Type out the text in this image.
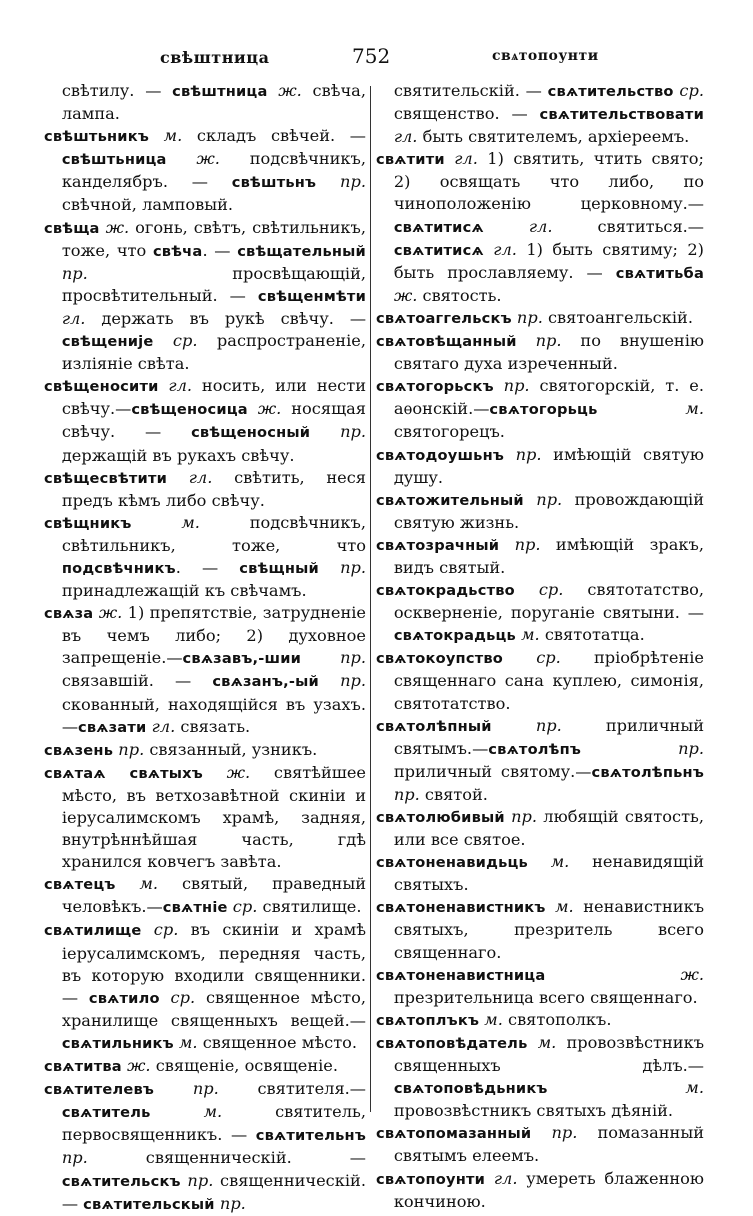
свѣштница	752	свѧтопоунти

свѣтилу. — свѣштница ж. свѣча, лампа.

свѣштьникъ м. складъ свѣчей. — свѣштьница ж. подсвѣчникъ, канделябръ. — свѣштьнъ пр. свѣчной, ламповый.

свѣща ж. огонь, свѣтъ, свѣтильникъ, тоже, что свѣча. — свѣщательный пр. просвѣщающій, просвѣтительный. — свѣщенмѣти гл. держать въ рукѣ свѣчу. — свѣщеније ср. распространеніе, изліяніе свѣта.

свѣщеносити гл. носить, или нести свѣчу.—свѣщеносица ж. носящая свѣчу. — свѣщеносный пр. держащій въ рукахъ свѣчу.

свѣщесвѣтити гл. свѣтить, неся предъ кѣмъ либо свѣчу.

свѣщникъ	м. подсвѣчникъ, свѣтильникъ, тоже, что подсвѣчникъ. — свѣщный пр. принадлежащій къ свѣчамъ.

свѧза ж. 1) препятствіе, затрудненіе въ чемъ либо; 2) духовное запрещеніе.—свѧзавъ,-шии пр. связавшій. — свѧзанъ,-ый пр. скованный, находящійся въ узахъ.—свѧзати гл. связать.

свѧзень пр. связанный, узникъ.

свѧтаѧ свѧтыхъ ж. святѣйшее мѣсто, въ ветхозавѣтной скиніи и іерусалимскомъ храмѣ, задняя, внутрѣннѣйшая часть, гдѣ хранился ковчегъ завѣта.

свѧтецъ м. святый, праведный человѣкъ.—свѧтніе ср. святилище.

свѧтилище ср. въ скиніи и храмѣ іерусалимскомъ, передняя часть, въ которую входили священники. — свѧтило ср. священное мѣсто, хранилище священныхъ вещей.—свѧтильникъ м. священное мѣсто.

свѧтитва ж. священіе, освященіе.

свѧтителевъ пр. святителя.—свѧтитель	м. святитель, первосвященникъ. — свѧтительнъ пр. священническій. — свѧтительскъ пр. священническій. — свѧтительскый пр.

святительскій. — свѧтительство ср. священство. — свѧтительствовати гл. быть святителемъ, архіереемъ.

свѧтити гл. 1) святить, чтить свято; 2) освящать что либо, по чиноположенію церковному.—свѧтитисѧ	гл. святиться.—свѧтитисѧ гл. 1) быть святиму; 2) быть прославляему. — свѧтитьба ж. святость.

свѧтоаггельскъ пр. святоангельскій.

свѧтовѣщанный пр. по внушенію святаго духа изреченный.

свѧтогорьскъ пр. святогорскій, т. е. аѳонскій.—свѧтогорьць	м. святогорецъ.

свѧтодоушьнъ пр. имѣющій святую душу.

свѧтожительный пр. провождающій святую жизнь.

свѧтозрачный пр. имѣющій зракъ, видъ святый.

свѧтокрадьство ср. святотатство, оскверненіе, поруганіе святыни. — свѧтокрадьць м. святотатца.

свѧтокоупство ср. пріобрѣтеніе священнаго сана куплею, симонія, святотатство.

свѧтолѣпный	пр. приличный святымъ.—свѧтолѣпъ	пр. приличный святому.—свѧтолѣпьнъ пр. святой.

свѧтолюбивый пр. любящій святость, или все святое.

свѧтоненавидьць м. ненавидящій святыхъ.

свѧтоненавистникъ м. ненавистникъ святыхъ, презритель всего священнаго.

свѧтоненавистница	ж. презрительница всего священнаго.

свѧтоплъкъ м. святополкъ.

свѧтоповѣдатель м. провозвѣстникъ священныхъ дѣлъ.—свѧтоповѣдьникъ	м. провозвѣстникъ святыхъ дѣяній.

свѧтопомазанный пр. помазанный святымъ елеемъ.

свѧтопоунти гл. умереть блаженною кончиною.
